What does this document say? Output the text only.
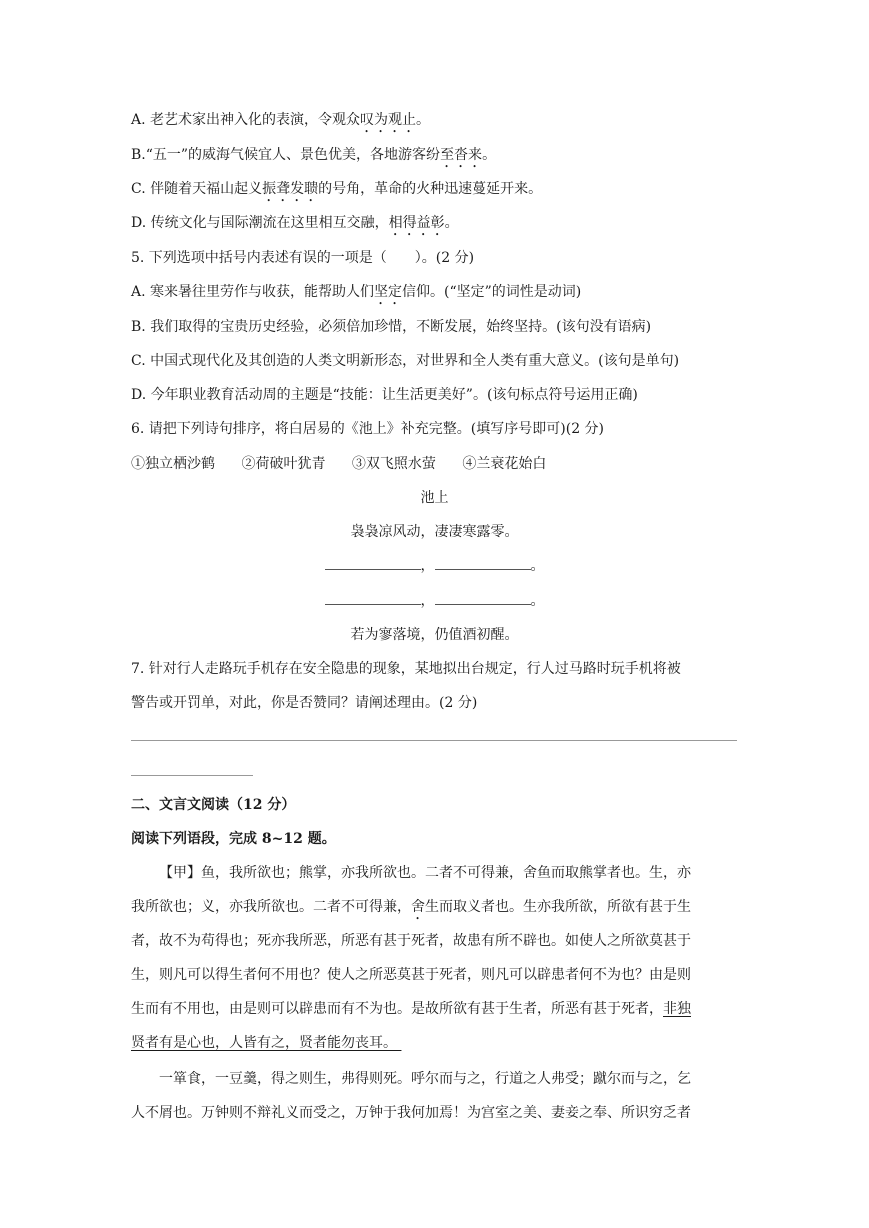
A. 老艺术家出神入化的表演，令观众叹为观止。
B.“五一”的威海气候宜人、景色优美，各地游客纷至沓来。
C. 伴随着天福山起义振聋发聩的号角，革命的火种迅速蔓延开来。
D. 传统文化与国际潮流在这里相互交融，相得益彰。
5. 下列选项中括号内表述有误的一项是（　　）。(2 分)
A. 寒来暑往里劳作与收获，能帮助人们坚定信仰。(“坚定”的词性是动词)
B. 我们取得的宝贵历史经验，必须倍加珍惜，不断发展，始终坚持。(该句没有语病)
C. 中国式现代化及其创造的人类文明新形态，对世界和全人类有重大意义。(该句是单句)
D. 今年职业教育活动周的主题是“技能：让生活更美好”。(该句标点符号运用正确)
6. 请把下列诗句排序，将白居易的《池上》补充完整。(填写序号即可)(2 分)
①独立栖沙鹤 ②荷破叶犹青 ③双飞照水萤 ④兰衰花始白
池上
袅袅凉风动，凄凄寒露零。
，	。
，	。
若为寥落境，仍值酒初醒。
7. 针对行人走路玩手机存在安全隐患的现象，某地拟出台规定，行人过马路时玩手机将被
警告或开罚单，对此，你是否赞同？请阐述理由。(2 分)
二、文言文阅读（12 分）
阅读下列语段，完成 8~12 题。
【甲】鱼，我所欲也；熊掌，亦我所欲也。二者不可得兼，舍鱼而取熊掌者也。生，亦
我所欲也；义，亦我所欲也。二者不可得兼，舍生而取义者也。生亦我所欲，所欲有甚于生
者，故不为苟得也；死亦我所恶，所恶有甚于死者，故患有所不辟也。如使人之所欲莫甚于
生，则凡可以得生者何不用也？使人之所恶莫甚于死者，则凡可以辟患者何不为也？由是则
生而有不用也，由是则可以辟患而有不为也。是故所欲有甚于生者，所恶有甚于死者，非独
贤者有是心也，人皆有之，贤者能勿丧耳。
一箪食，一豆羹，得之则生，弗得则死。呼尔而与之，行道之人弗受；蹴尔而与之，乞
人不屑也。万钟则不辩礼义而受之，万钟于我何加焉！为宫室之美、妻妾之奉、所识穷乏者
